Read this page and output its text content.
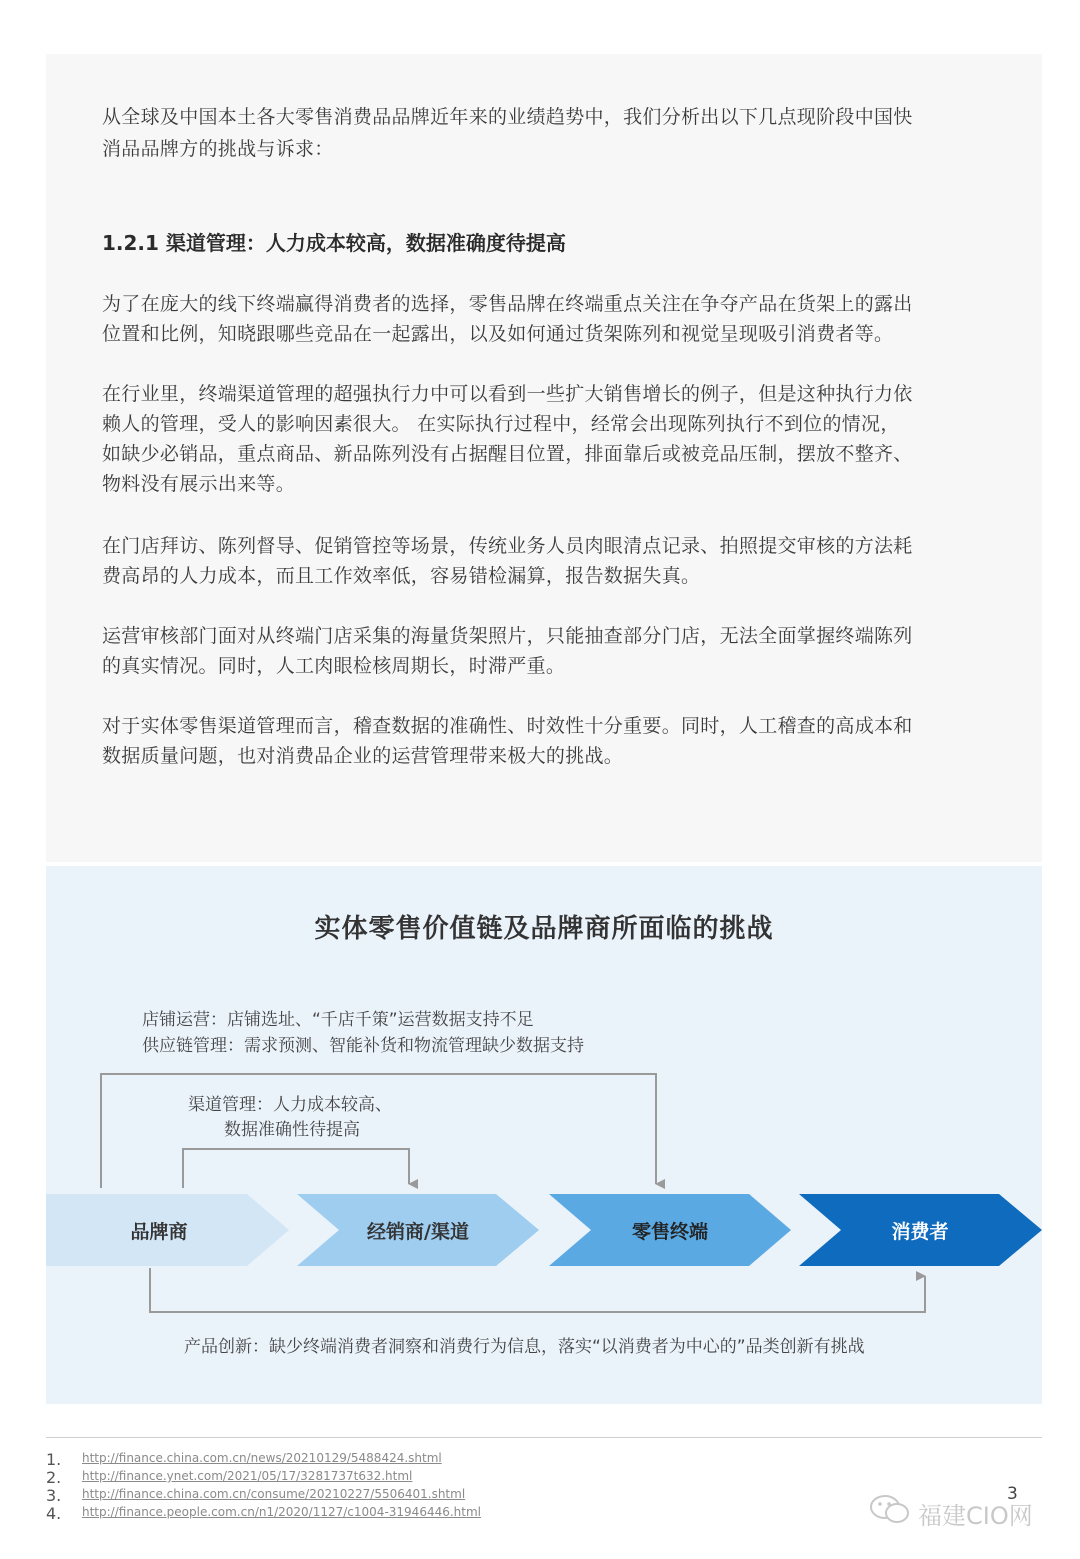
从全球及中国本土各大零售消费品品牌近年来的业绩趋势中，我们分析出以下几点现阶段中国快

消品品牌方的挑战与诉求：

1.2.1 渠道管理：人力成本较高，数据准确度待提高

为了在庞大的线下终端赢得消费者的选择，零售品牌在终端重点关注在争夺产品在货架上的露出

位置和比例，知晓跟哪些竞品在一起露出，以及如何通过货架陈列和视觉呈现吸引消费者等。

在行业里，终端渠道管理的超强执行力中可以看到一些扩大销售增长的例子，但是这种执行力依

赖人的管理，受人的影响因素很大。 在实际执行过程中，经常会出现陈列执行不到位的情况，

如缺少必销品，重点商品、新品陈列没有占据醒目位置，排面靠后或被竞品压制，摆放不整齐、

物料没有展示出来等。

在门店拜访、陈列督导、促销管控等场景，传统业务人员肉眼清点记录、拍照提交审核的方法耗

费高昂的人力成本，而且工作效率低，容易错检漏算，报告数据失真。

运营审核部门面对从终端门店采集的海量货架照片，只能抽查部分门店，无法全面掌握终端陈列

的真实情况。同时，人工肉眼检核周期长，时滞严重。

对于实体零售渠道管理而言，稽查数据的准确性、时效性十分重要。同时，人工稽查的高成本和

数据质量问题，也对消费品企业的运营管理带来极大的挑战。

实体零售价值链及品牌商所面临的挑战
店铺运营：店铺选址、“千店千策”运营数据支持不足
供应链管理：需求预测、智能补货和物流管理缺少数据支持
渠道管理：人力成本较高、
数据准确性待提高
品牌商	经销商/渠道	零售终端	消费者
产品创新：缺少终端消费者洞察和消费行为信息，落实“以消费者为中心的”品类创新有挑战
1. http://finance.china.com.cn/news/20210129/5488424.shtml
2. http://finance.ynet.com/2021/05/17/3281737t632.html
3. http://finance.china.com.cn/consume/20210227/5506401.shtml
4. http://finance.people.com.cn/n1/2020/1127/c1004-31946446.html
3
福建CIO网
